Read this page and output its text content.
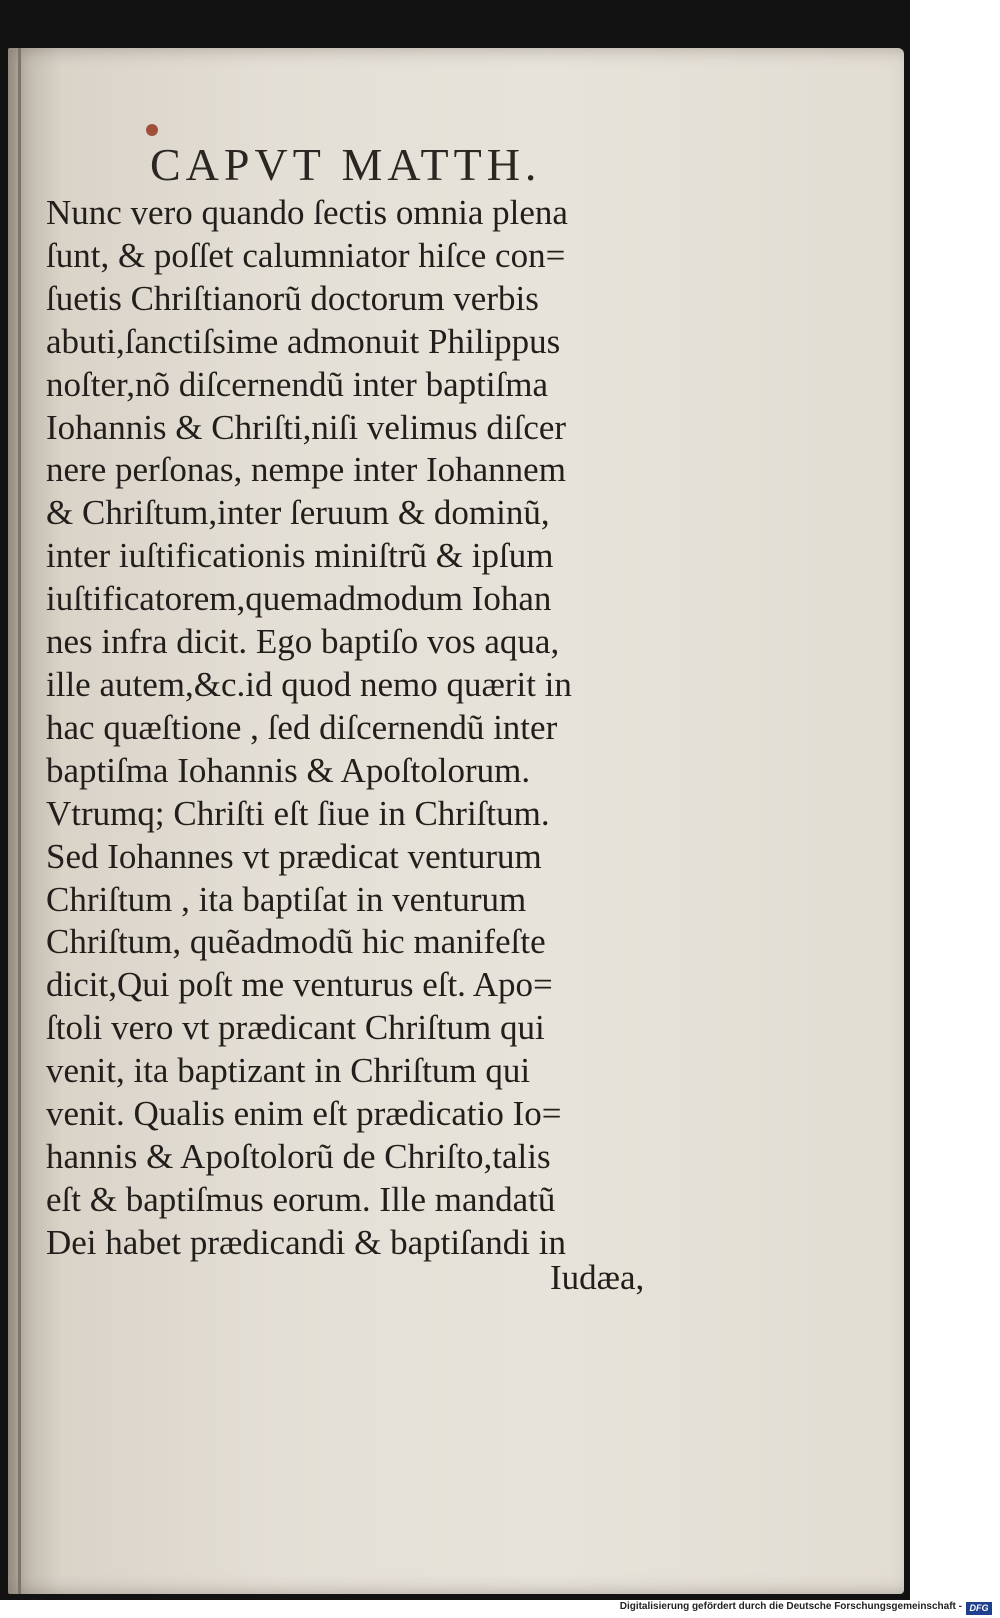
CAPVT MATTH.
Nunc vero quando ſectis omnia plena
ſunt, & poſſet calumniator hiſce con=
ſuetis Chriſtianorũ doctorum verbis
abuti,ſanctiſsime admonuit Philippus
noſter,nõ diſcernendũ inter baptiſma
Iohannis & Chriſti,niſi velimus diſcer
nere perſonas, nempe inter Iohannem
& Chriſtum,inter ſeruum & dominũ,
inter iuſtificationis miniſtrũ & ipſum
iuſtificatorem,quemadmodum Iohan
nes infra dicit. Ego baptiſo vos aqua,
ille autem,&c.id quod nemo quærit in
hac quæſtione , ſed diſcernendũ inter
baptiſma Iohannis & Apoſtolorum.
Vtrumq; Chriſti eſt ſiue in Chriſtum.
Sed Iohannes vt prædicat venturum
Chriſtum , ita baptiſat in venturum
Chriſtum, quẽadmodũ hic manifeſte
dicit,Qui poſt me venturus eſt. Apo=
ſtoli vero vt prædicant Chriſtum qui
venit, ita baptizant in Chriſtum qui
venit. Qualis enim eſt prædicatio Io=
hannis & Apoſtolorũ de Chriſto,talis
eſt & baptiſmus eorum. Ille mandatũ
Dei habet prædicandi & baptiſandi in
Iudæa,
Digitalisierung gefördert durch die Deutsche Forschungsgemeinschaft - DFG
